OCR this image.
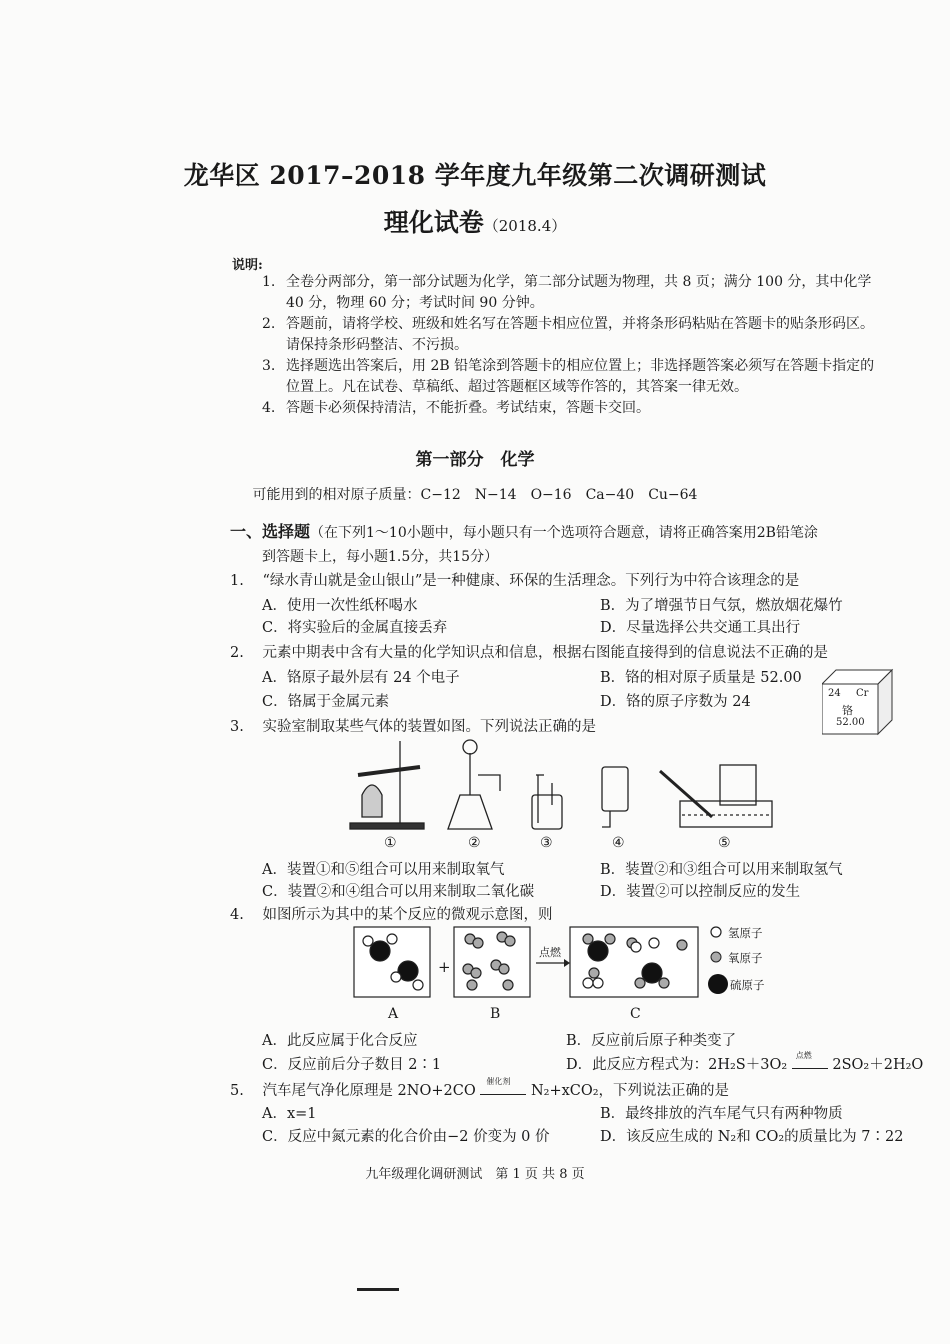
龙华区 2017–2018 学年度九年级第二次调研测试
理化试卷（2018.4）
说明:
1. 全卷分两部分，第一部分试题为化学，第二部分试题为物理，共 8 页；满分 100 分，其中化学 40 分，物理 60 分；考试时间 90 分钟。
2. 答题前，请将学校、班级和姓名写在答题卡相应位置，并将条形码粘贴在答题卡的贴条形码区。请保持条形码整洁、不污损。
3. 选择题选出答案后，用 2B 铅笔涂到答题卡的相应位置上；非选择题答案必须写在答题卡指定的位置上。凡在试卷、草稿纸、超过答题框区域等作答的，其答案一律无效。
4. 答题卡必须保持清洁，不能折叠。考试结束，答题卡交回。
第一部分　化学
可能用到的相对原子质量：C−12　N−14　O−16　Ca−40　Cu−64
一、选择题（在下列1～10小题中，每小题只有一个选项符合题意，请将正确答案用2B铅笔涂
到答题卡上，每小题1.5分，共15分）
1. “绿水青山就是金山银山”是一种健康、环保的生活理念。下列行为中符合该理念的是
A．使用一次性纸杯喝水	B．为了增强节日气氛，燃放烟花爆竹
C．将实验后的金属直接丢弃	D．尽量选择公共交通工具出行
2. 元素中期表中含有大量的化学知识点和信息，根据右图能直接得到的信息说法不正确的是
A．铬原子最外层有 24 个电子	B．铬的相对原子质量是 52.00
C．铬属于金属元素	D．铬的原子序数为 24
24 Cr
铬
52.00
3. 实验室制取某些气体的装置如图。下列说法正确的是
①	②	③	④	⑤
A．装置①和⑤组合可以用来制取氧气	B．装置②和③组合可以用来制取氢气
C．装置②和④组合可以用来制取二氧化碳	D．装置②可以控制反应的发生
4. 如图所示为其中的某个反应的微观示意图，则
+
点燃
A	B	C
氢原子
氧原子
硫原子
A．此反应属于化合反应	B．反应前后原子种类变了
C．反应前后分子数目 2∶1	D．此反应方程式为：2H₂S＋3O₂
点燃
2SO₂＋2H₂O
5. 汽车尾气净化原理是 2NO+2CO
催化剂
N₂+xCO₂，下列说法正确的是
A．x=1	B．最终排放的汽车尾气只有两种物质
C．反应中氮元素的化合价由−2 价变为 0 价	D．该反应生成的 N₂和 CO₂的质量比为 7∶22
九年级理化调研测试　第 1 页 共 8 页
